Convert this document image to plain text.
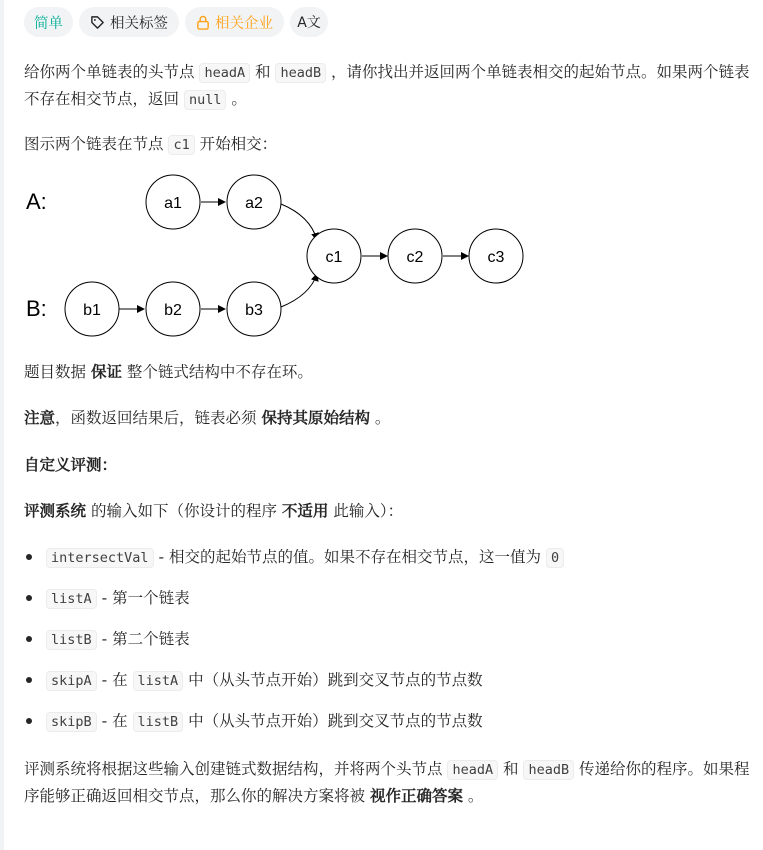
简单	相关标签	相关企业 A文
给你两个单链表的头节点 headA 和 headB ，请你找出并返回两个单链表相交的起始节点。如果两个链表不存在相交节点，返回 null 。
图示两个链表在节点 c1 开始相交：
A:
B:
a1	a2
b1	b2	b3
c1	c2	c3
题目数据 保证 整个链式结构中不存在环。
注意，函数返回结果后，链表必须 保持其原始结构 。
自定义评测：
评测系统 的输入如下（你设计的程序 不适用 此输入）：
intersectVal - 相交的起始节点的值。如果不存在相交节点，这一值为 0
listA - 第一个链表
listB - 第二个链表
skipA - 在 listA 中（从头节点开始）跳到交叉节点的节点数
skipB - 在 listB 中（从头节点开始）跳到交叉节点的节点数
评测系统将根据这些输入创建链式数据结构，并将两个头节点 headA 和 headB 传递给你的程序。如果程序能够正确返回相交节点，那么你的解决方案将被 视作正确答案 。
